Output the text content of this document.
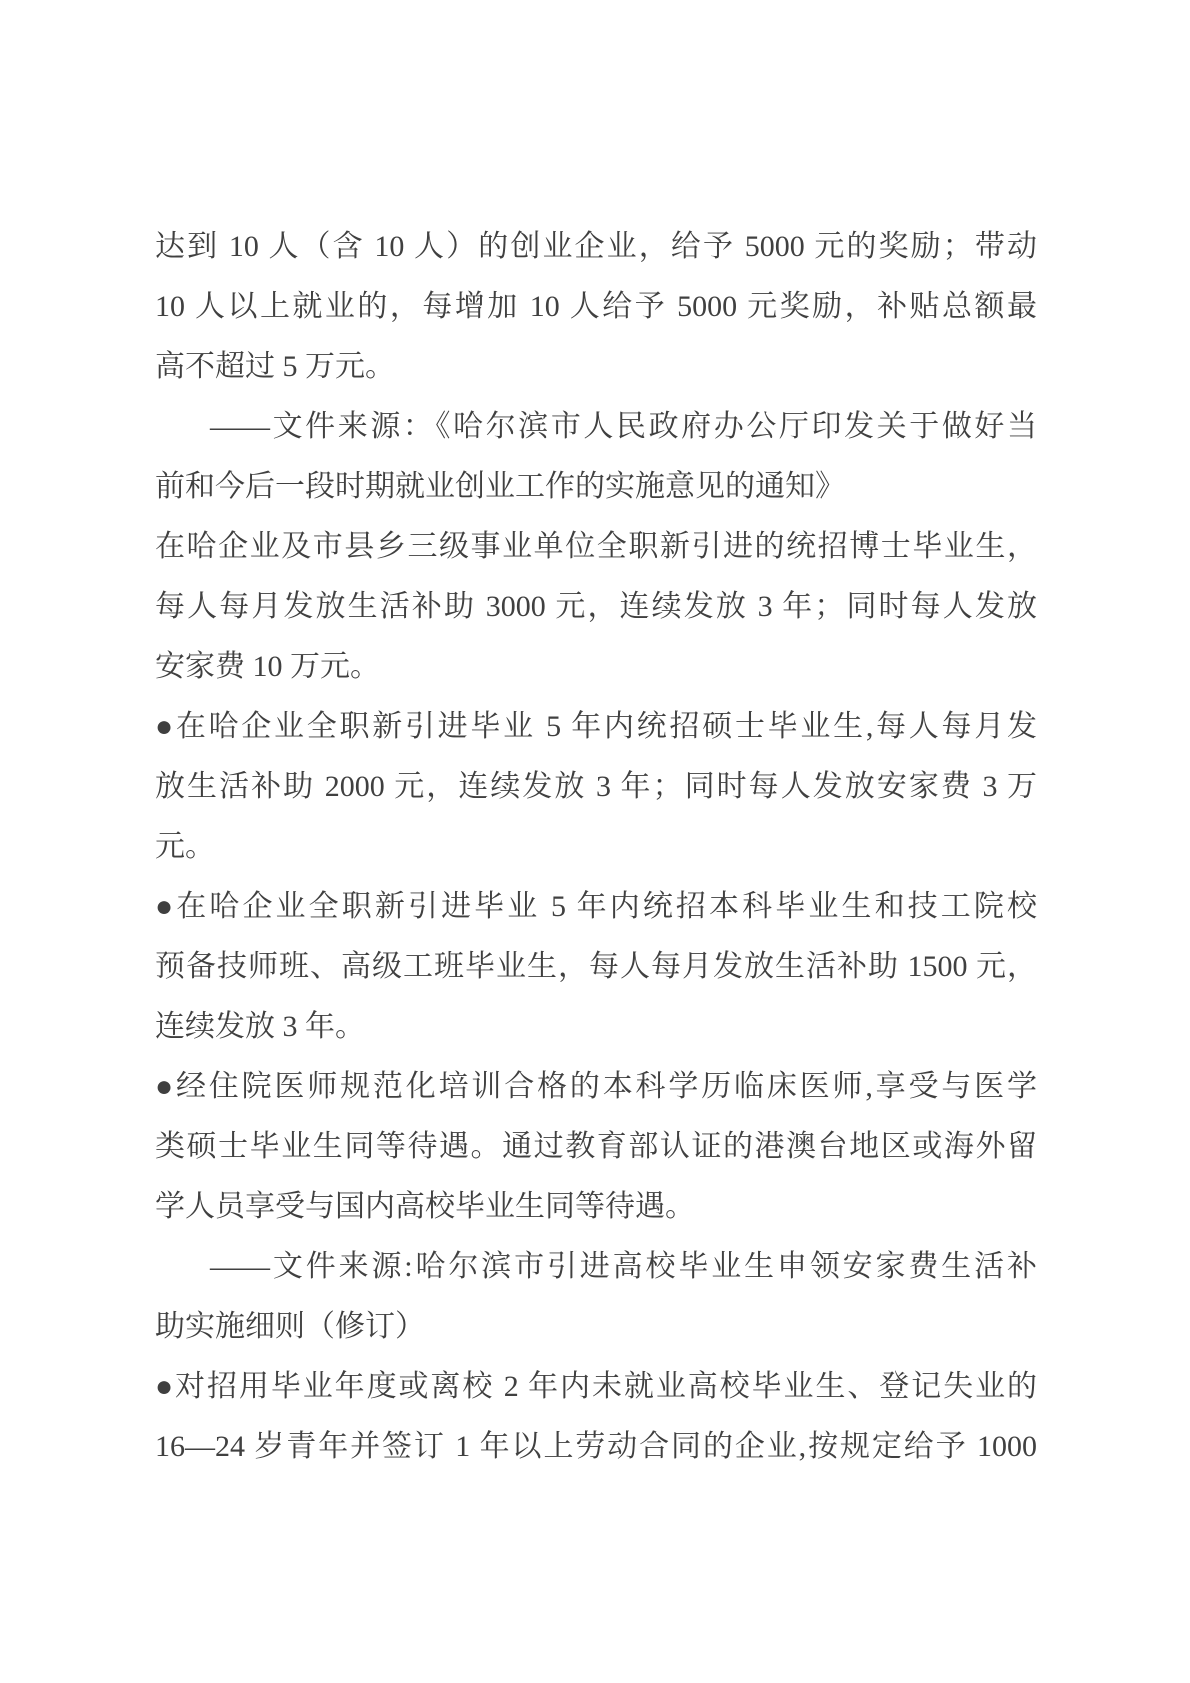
达到 10 人（含 10 人）的创业企业，给予 5000 元的奖励；带动
10 人以上就业的，每增加 10 人给予 5000 元奖励，补贴总额最
高不超过 5 万元。
——文件来源：《哈尔滨市人民政府办公厅印发关于做好当
前和今后一段时期就业创业工作的实施意见的通知》
在哈企业及市县乡三级事业单位全职新引进的统招博士毕业生，
每人每月发放生活补助 3000 元，连续发放 3 年；同时每人发放
安家费 10 万元。
●在哈企业全职新引进毕业 5 年内统招硕士毕业生,每人每月发
放生活补助 2000 元，连续发放 3 年；同时每人发放安家费 3 万
元。
●在哈企业全职新引进毕业 5 年内统招本科毕业生和技工院校
预备技师班、高级工班毕业生，每人每月发放生活补助 1500 元，
连续发放 3 年。
●经住院医师规范化培训合格的本科学历临床医师,享受与医学
类硕士毕业生同等待遇。通过教育部认证的港澳台地区或海外留
学人员享受与国内高校毕业生同等待遇。
——文件来源:哈尔滨市引进高校毕业生申领安家费生活补
助实施细则（修订）
●对招用毕业年度或离校 2 年内未就业高校毕业生、登记失业的
16—24 岁青年并签订 1 年以上劳动合同的企业,按规定给予 1000
